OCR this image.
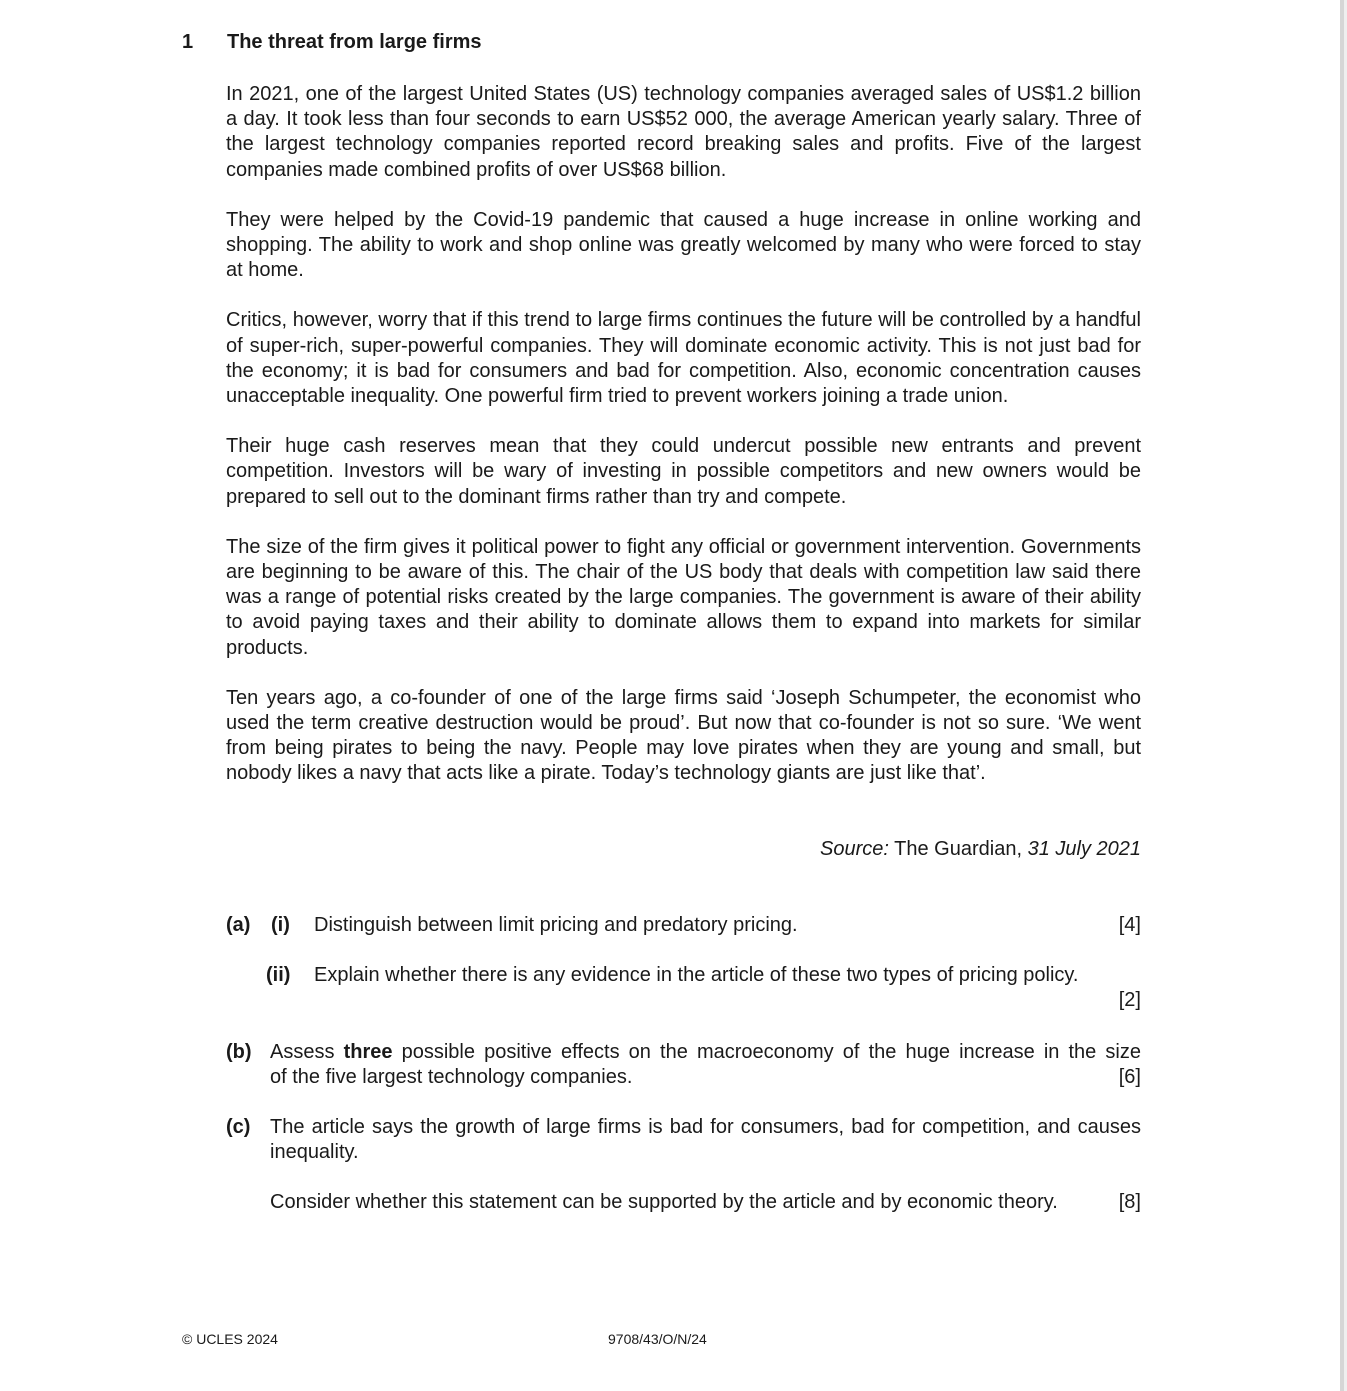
1 The threat from large firms

In 2021, one of the largest United States (US) technology companies averaged sales of US$1.2 billion a day. It took less than four seconds to earn US$52 000, the average American yearly salary. Three of the largest technology companies reported record breaking sales and profits. Five of the largest companies made combined profits of over US$68 billion.

They were helped by the Covid-19 pandemic that caused a huge increase in online working and shopping. The ability to work and shop online was greatly welcomed by many who were forced to stay at home.

Critics, however, worry that if this trend to large firms continues the future will be controlled by a handful of super-rich, super-powerful companies. They will dominate economic activity. This is not just bad for the economy; it is bad for consumers and bad for competition. Also, economic concentration causes unacceptable inequality. One powerful firm tried to prevent workers joining a trade union.

Their huge cash reserves mean that they could undercut possible new entrants and prevent competition. Investors will be wary of investing in possible competitors and new owners would be prepared to sell out to the dominant firms rather than try and compete.

The size of the firm gives it political power to fight any official or government intervention. Governments are beginning to be aware of this. The chair of the US body that deals with competition law said there was a range of potential risks created by the large companies. The government is aware of their ability to avoid paying taxes and their ability to dominate allows them to expand into markets for similar products.

Ten years ago, a co-founder of one of the large firms said ‘Joseph Schumpeter, the economist who used the term creative destruction would be proud’. But now that co-founder is not so sure. ‘We went from being pirates to being the navy. People may love pirates when they are young and small, but nobody likes a navy that acts like a pirate. Today’s technology giants are just like that’.

Source: The Guardian, 31 July 2021
(a) (i) Distinguish between limit pricing and predatory pricing.	[4]
(ii) Explain whether there is any evidence in the article of these two types of pricing policy.
[2]
(b) Assess three possible positive effects on the macroeconomy of the huge increase in the size
of the five largest technology companies.	[6]
(c) The article says the growth of large firms is bad for consumers, bad for competition, and causes inequality.
Consider whether this statement can be supported by the article and by economic theory.	[8]
© UCLES 2024	9708/43/O/N/24
